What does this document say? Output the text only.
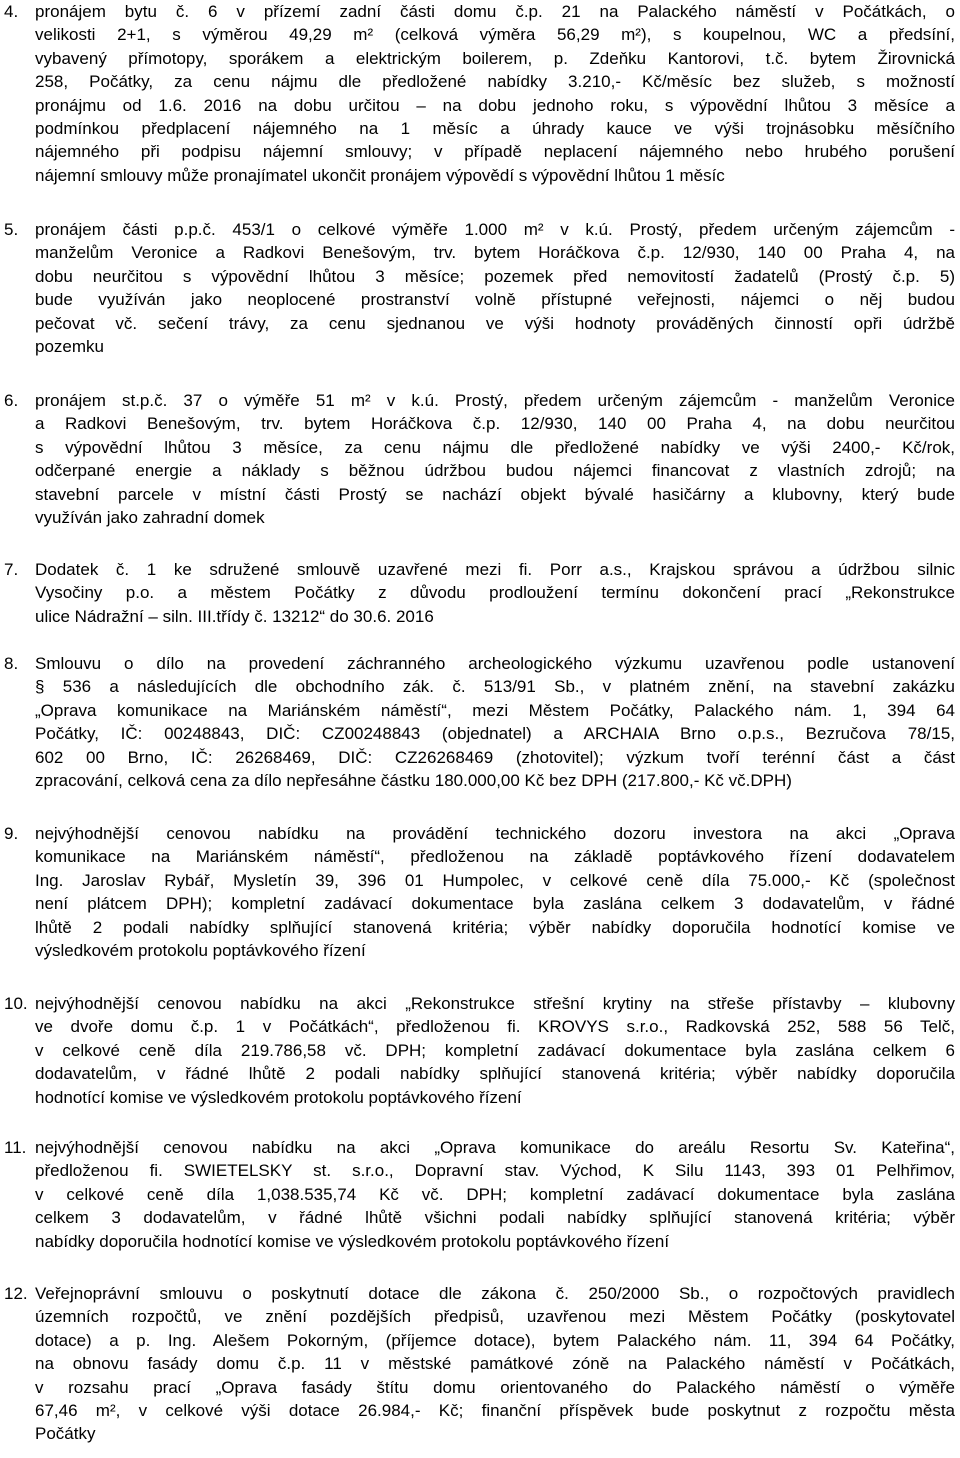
4. pronájem bytu č. 6 v přízemí zadní části domu č.p. 21 na Palackého náměstí v Počátkách, o
velikosti 2+1, s výměrou 49,29 m² (celková výměra 56,29 m²), s koupelnou, WC a předsíní,
vybavený přímotopy, sporákem a elektrickým boilerem, p. Zdeňku Kantorovi, t.č. bytem Žirovnická
258, Počátky, za cenu nájmu dle předložené nabídky 3.210,- Kč/měsíc bez služeb, s možností
pronájmu od 1.6. 2016 na dobu určitou – na dobu jednoho roku, s výpovědní lhůtou 3 měsíce a
podmínkou předplacení nájemného na 1 měsíc a úhrady kauce ve výši trojnásobku měsíčního
nájemného při podpisu nájemní smlouvy; v případě neplacení nájemného nebo hrubého porušení
nájemní smlouvy může pronajímatel ukončit pronájem výpovědí s výpovědní lhůtou 1 měsíc
5. pronájem části p.p.č. 453/1 o celkové výměře 1.000 m² v k.ú. Prostý, předem určeným zájemcům -
manželům Veronice a Radkovi Benešovým, trv. bytem Horáčkova č.p. 12/930, 140 00 Praha 4, na
dobu neurčitou s výpovědní lhůtou 3 měsíce; pozemek před nemovitostí žadatelů (Prostý č.p. 5)
bude využíván jako neoplocené prostranství volně přístupné veřejnosti, nájemci o něj budou
pečovat vč. sečení trávy, za cenu sjednanou ve výši hodnoty prováděných činností opři údržbě
pozemku
6. pronájem st.p.č. 37 o výměře 51 m² v k.ú. Prostý, předem určeným zájemcům - manželům Veronice
a Radkovi Benešovým, trv. bytem Horáčkova č.p. 12/930, 140 00 Praha 4, na dobu neurčitou
s výpovědní lhůtou 3 měsíce, za cenu nájmu dle předložené nabídky ve výši 2400,- Kč/rok,
odčerpané energie a náklady s běžnou údržbou budou nájemci financovat z vlastních zdrojů; na
stavební parcele v místní části Prostý se nachází objekt bývalé hasičárny a klubovny, který bude
využíván jako zahradní domek
7. Dodatek č. 1 ke sdružené smlouvě uzavřené mezi fi. Porr a.s., Krajskou správou a údržbou silnic
Vysočiny p.o. a městem Počátky z důvodu prodloužení termínu dokončení prací „Rekonstrukce
ulice Nádražní – siln. III.třídy č. 13212“ do 30.6. 2016
8. Smlouvu o dílo na provedení záchranného archeologického výzkumu uzavřenou podle ustanovení
§ 536 a následujících dle obchodního zák. č. 513/91 Sb., v platném znění, na stavební zakázku
„Oprava komunikace na Mariánském náměstí“, mezi Městem Počátky, Palackého nám. 1, 394 64
Počátky, IČ: 00248843, DIČ: CZ00248843 (objednatel) a ARCHAIA Brno o.p.s., Bezručova 78/15,
602 00 Brno, IČ: 26268469, DIČ: CZ26268469 (zhotovitel); výzkum tvoří terénní část a část
zpracování, celková cena za dílo nepřesáhne částku 180.000,00 Kč bez DPH (217.800,- Kč vč.DPH)
9. nejvýhodnější cenovou nabídku na provádění technického dozoru investora na akci „Oprava
komunikace na Mariánském náměstí“, předloženou na základě poptávkového řízení dodavatelem
Ing. Jaroslav Rybář, Mysletín 39, 396 01 Humpolec, v celkové ceně díla 75.000,- Kč (společnost
není plátcem DPH); kompletní zadávací dokumentace byla zaslána celkem 3 dodavatelům, v řádné
lhůtě 2 podali nabídky splňující stanovená kritéria; výběr nabídky doporučila hodnotící komise ve
výsledkovém protokolu poptávkového řízení
10. nejvýhodnější cenovou nabídku na akci „Rekonstrukce střešní krytiny na střeše přístavby – klubovny
ve dvoře domu č.p. 1 v Počátkách“, předloženou fi. KROVYS s.r.o., Radkovská 252, 588 56 Telč,
v celkové ceně díla 219.786,58 vč. DPH; kompletní zadávací dokumentace byla zaslána celkem 6
dodavatelům, v řádné lhůtě 2 podali nabídky splňující stanovená kritéria; výběr nabídky doporučila
hodnotící komise ve výsledkovém protokolu poptávkového řízení
11. nejvýhodnější cenovou nabídku na akci „Oprava komunikace do areálu Resortu Sv. Kateřina“,
předloženou fi. SWIETELSKY st. s.r.o., Dopravní stav. Východ, K Silu 1143, 393 01 Pelhřimov,
v celkové ceně díla 1,038.535,74 Kč vč. DPH; kompletní zadávací dokumentace byla zaslána
celkem 3 dodavatelům, v řádné lhůtě všichni podali nabídky splňující stanovená kritéria; výběr
nabídky doporučila hodnotící komise ve výsledkovém protokolu poptávkového řízení
12. Veřejnoprávní smlouvu o poskytnutí dotace dle zákona č. 250/2000 Sb., o rozpočtových pravidlech
územních rozpočtů, ve znění pozdějších předpisů, uzavřenou mezi Městem Počátky (poskytovatel
dotace) a p. Ing. Alešem Pokorným, (příjemce dotace), bytem Palackého nám. 11, 394 64 Počátky,
na obnovu fasády domu č.p. 11 v městské památkové zóně na Palackého náměstí v Počátkách,
v rozsahu prací „Oprava fasády štítu domu orientovaného do Palackého náměstí o výměře
67,46 m², v celkové výši dotace 26.984,- Kč; finanční příspěvek bude poskytnut z rozpočtu města
Počátky
